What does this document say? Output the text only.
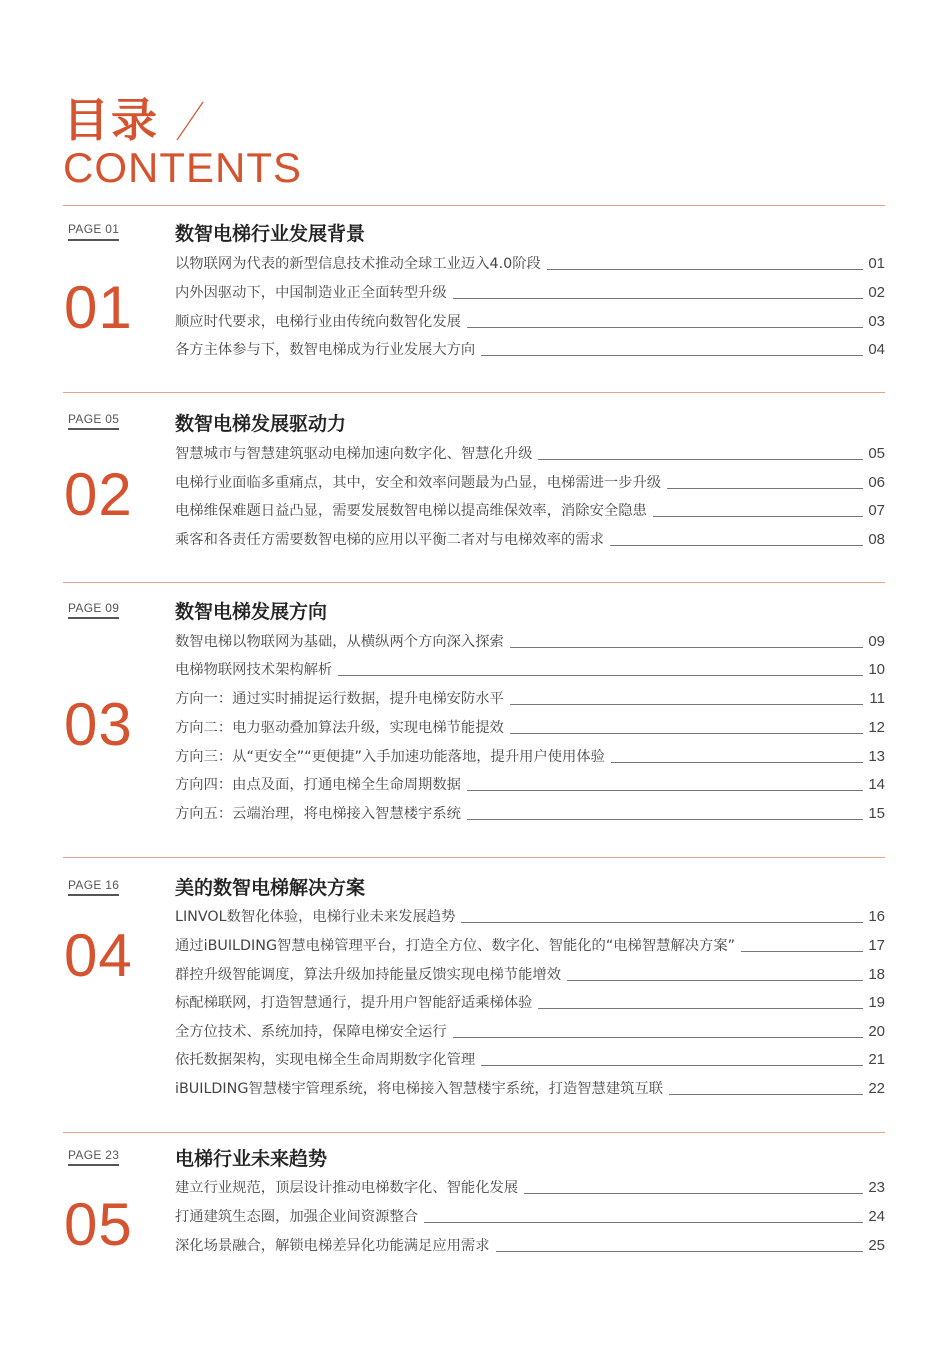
目录
CONTENTS
PAGE 01
01
数智电梯行业发展背景
以物联网为代表的新型信息技术推动全球工业迈入4.0阶段	01
内外因驱动下，中国制造业正全面转型升级	02
顺应时代要求，电梯行业由传统向数智化发展	03
各方主体参与下，数智电梯成为行业发展大方向	04
PAGE 05
02
数智电梯发展驱动力
智慧城市与智慧建筑驱动电梯加速向数字化、智慧化升级	05
电梯行业面临多重痛点，其中，安全和效率问题最为凸显，电梯需进一步升级	06
电梯维保难题日益凸显，需要发展数智电梯以提高维保效率，消除安全隐患	07
乘客和各责任方需要数智电梯的应用以平衡二者对与电梯效率的需求	08
PAGE 09
03
数智电梯发展方向
数智电梯以物联网为基础，从横纵两个方向深入探索	09
电梯物联网技术架构解析	10
方向一：通过实时捕捉运行数据，提升电梯安防水平	11
方向二：电力驱动叠加算法升级，实现电梯节能提效	12
方向三：从“更安全”“更便捷”入手加速功能落地，提升用户使用体验	13
方向四：由点及面，打通电梯全生命周期数据	14
方向五：云端治理，将电梯接入智慧楼宇系统	15
PAGE 16
04
美的数智电梯解决方案
LINVOL数智化体验，电梯行业未来发展趋势	16
通过iBUILDING智慧电梯管理平台，打造全方位、数字化、智能化的“电梯智慧解决方案”	17
群控升级智能调度，算法升级加持能量反馈实现电梯节能增效	18
标配梯联网，打造智慧通行，提升用户智能舒适乘梯体验	19
全方位技术、系统加持，保障电梯安全运行	20
依托数据架构，实现电梯全生命周期数字化管理	21
iBUILDING智慧楼宇管理系统，将电梯接入智慧楼宇系统，打造智慧建筑互联	22
PAGE 23
05
电梯行业未来趋势
建立行业规范，顶层设计推动电梯数字化、智能化发展	23
打通建筑生态圈，加强企业间资源整合	24
深化场景融合，解锁电梯差异化功能满足应用需求	25
